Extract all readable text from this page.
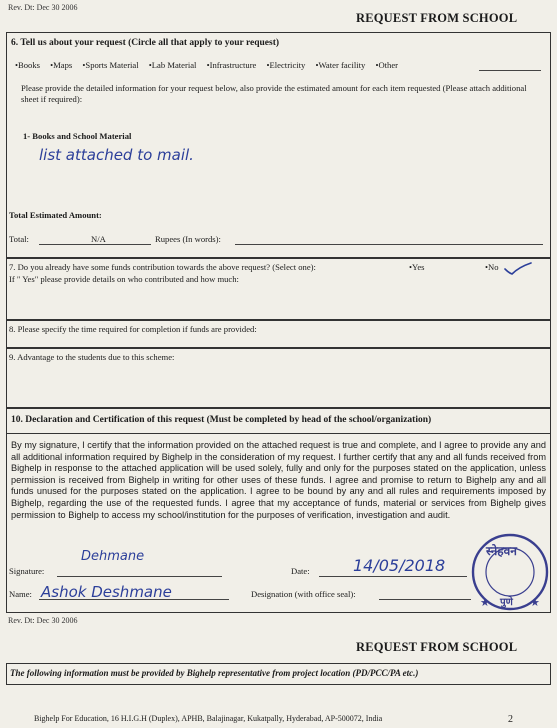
Rev. Dt: Dec 30 2006
REQUEST FROM SCHOOL
6. Tell us about your request (Circle all that apply to your request)
•Books •Maps •Sports Material •Lab Material •Infrastructure •Electricity •Water facility •Other
Please provide the detailed information for your request below, also provide the estimated amount for each item requested (Please attach additional sheet if required):
1- Books and School Material
list attached to mail.
Total Estimated Amount:
Total:	N/A	Rupees (In words):
7. Do you already have some funds contribution towards the above request? (Select one):	•Yes	•No
If " Yes" please provide details on who contributed and how much:
8. Please specify the time required for completion if funds are provided:
9. Advantage to the students due to this scheme:
10. Declaration and Certification of this request (Must be completed by head of the school/organization)
By my signature, I certify that the information provided on the attached request is true and complete, and I agree to provide any and all additional information required by Bighelp in the consideration of my request. I further certify that any and all funds received from Bighelp in response to the attached application will be used solely, fully and only for the purposes stated on the application, unless permission is received from Bighelp in writing for other uses of these funds. I agree and promise to return to Bighelp any and all funds unused for the purposes stated on the application. I agree to be bound by any and all rules and requirements imposed by Bighelp, regarding the use of the requested funds. I agree that my acceptance of funds, material or services from Bighelp gives permission to Bighelp to access my school/institution for the purposes of verification, investigation and audit.
Signature:
Dehmane
Date:	14/05/2018
Name: Ashok Deshmane	Designation (with office seal):
★	★
स्नेहवन
पुणे
Rev. Dt: Dec 30 2006
REQUEST FROM SCHOOL
The following information must be provided by Bighelp representative from project location (PD/PCC/PA etc.)
Bighelp For Education, 16 H.I.G.H (Duplex), APHB, Balajinagar, Kukatpally, Hyderabad, AP-500072, India	2
